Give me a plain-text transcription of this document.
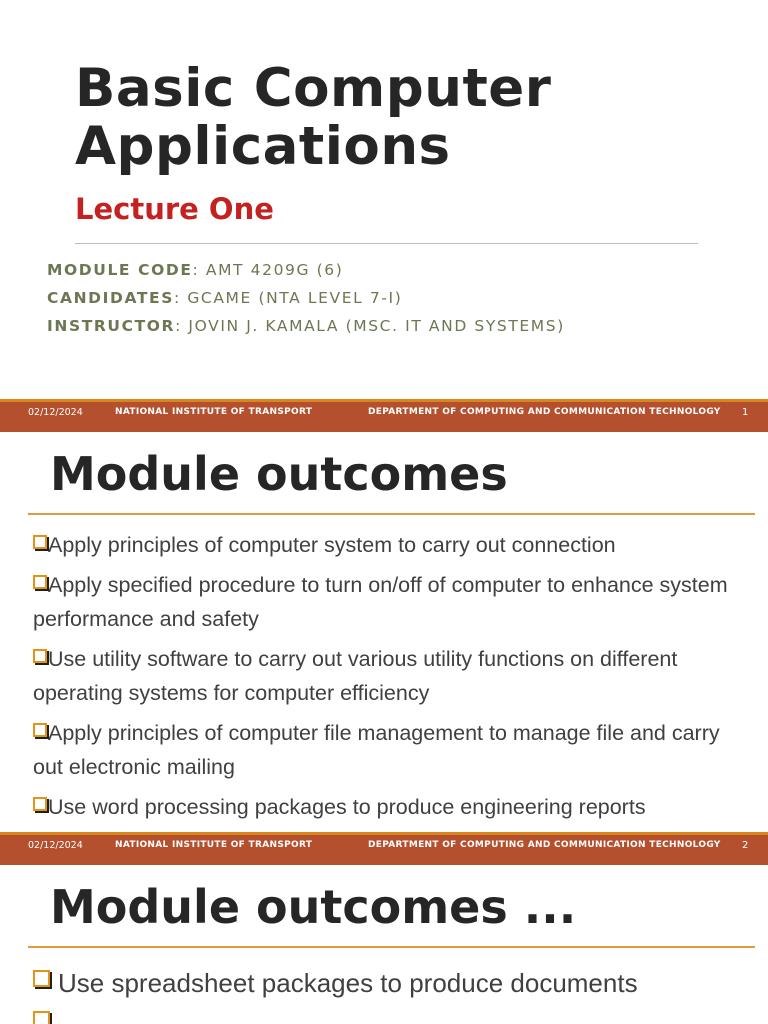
Basic Computer
Applications
Lecture One
MODULE CODE: AMT 4209G (6)
CANDIDATES: GCAME (NTA LEVEL 7-I)
INSTRUCTOR: JOVIN J. KAMALA (MSC. IT AND SYSTEMS)
02/12/2024	NATIONAL INSTITUTE OF TRANSPORT	DEPARTMENT OF COMPUTING AND COMMUNICATION TECHNOLOGY 1
Module outcomes
Apply principles of computer system to carry out connection
Apply specified procedure to turn on/off of computer to enhance system performance and safety
Use utility software to carry out various utility functions on different operating systems for computer efficiency
Apply principles of computer file management to manage file and carry out electronic mailing
Use word processing packages to produce engineering reports
02/12/2024	NATIONAL INSTITUTE OF TRANSPORT	DEPARTMENT OF COMPUTING AND COMMUNICATION TECHNOLOGY 2
Module outcomes ...
Use spreadsheet packages to produce documents
